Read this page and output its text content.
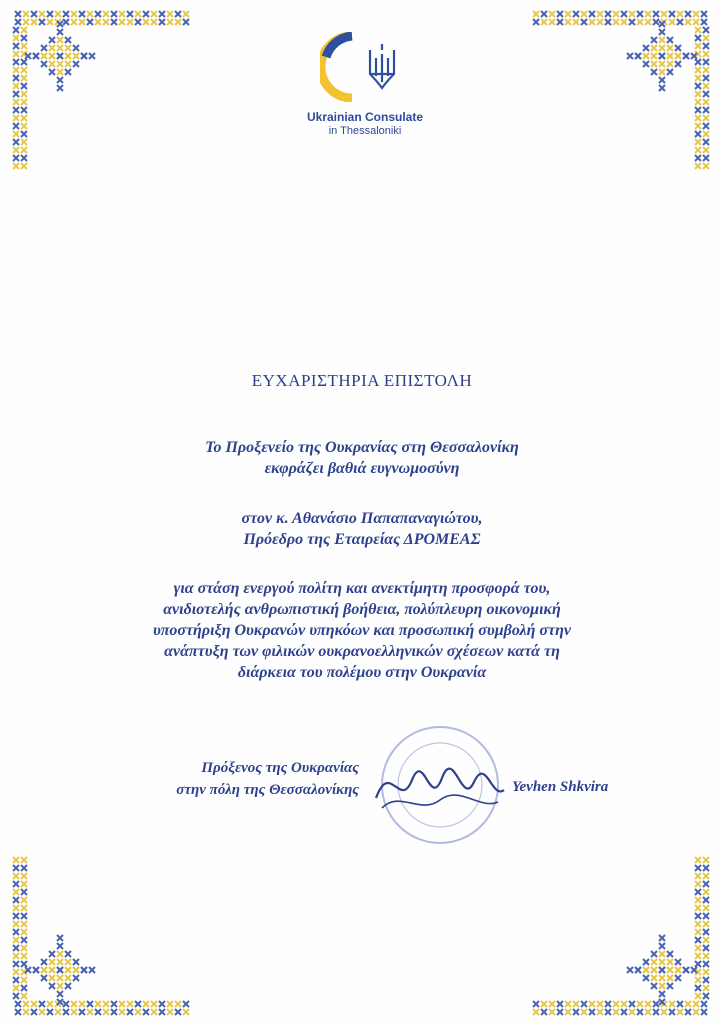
Ukrainian Consulate
in Thessaloniki
ΕΥΧΑΡΙΣΤΗΡΙΑ ΕΠΙΣΤΟΛΗ
Το Προξενείο της Ουκρανίας στη Θεσσαλονίκη
εκφράζει βαθιά ευγνωμοσύνη
στον κ. Αθανάσιο Παπαπαναγιώτου,
Πρόεδρο της Εταιρείας ΔΡΟΜΕΑΣ
για στάση ενεργού πολίτη και ανεκτίμητη προσφορά του,
ανιδιοτελής ανθρωπιστική βοήθεια, πολύπλευρη οικονομική
υποστήριξη Ουκρανών υπηκόων και προσωπική συμβολή στην
ανάπτυξη των φιλικών ουκρανοελληνικών σχέσεων κατά τη
διάρκεια του πολέμου στην Ουκρανία
Πρόξενος της Ουκρανίας
στην πόλη της Θεσσαλονίκης	Yevhen Shkvira
